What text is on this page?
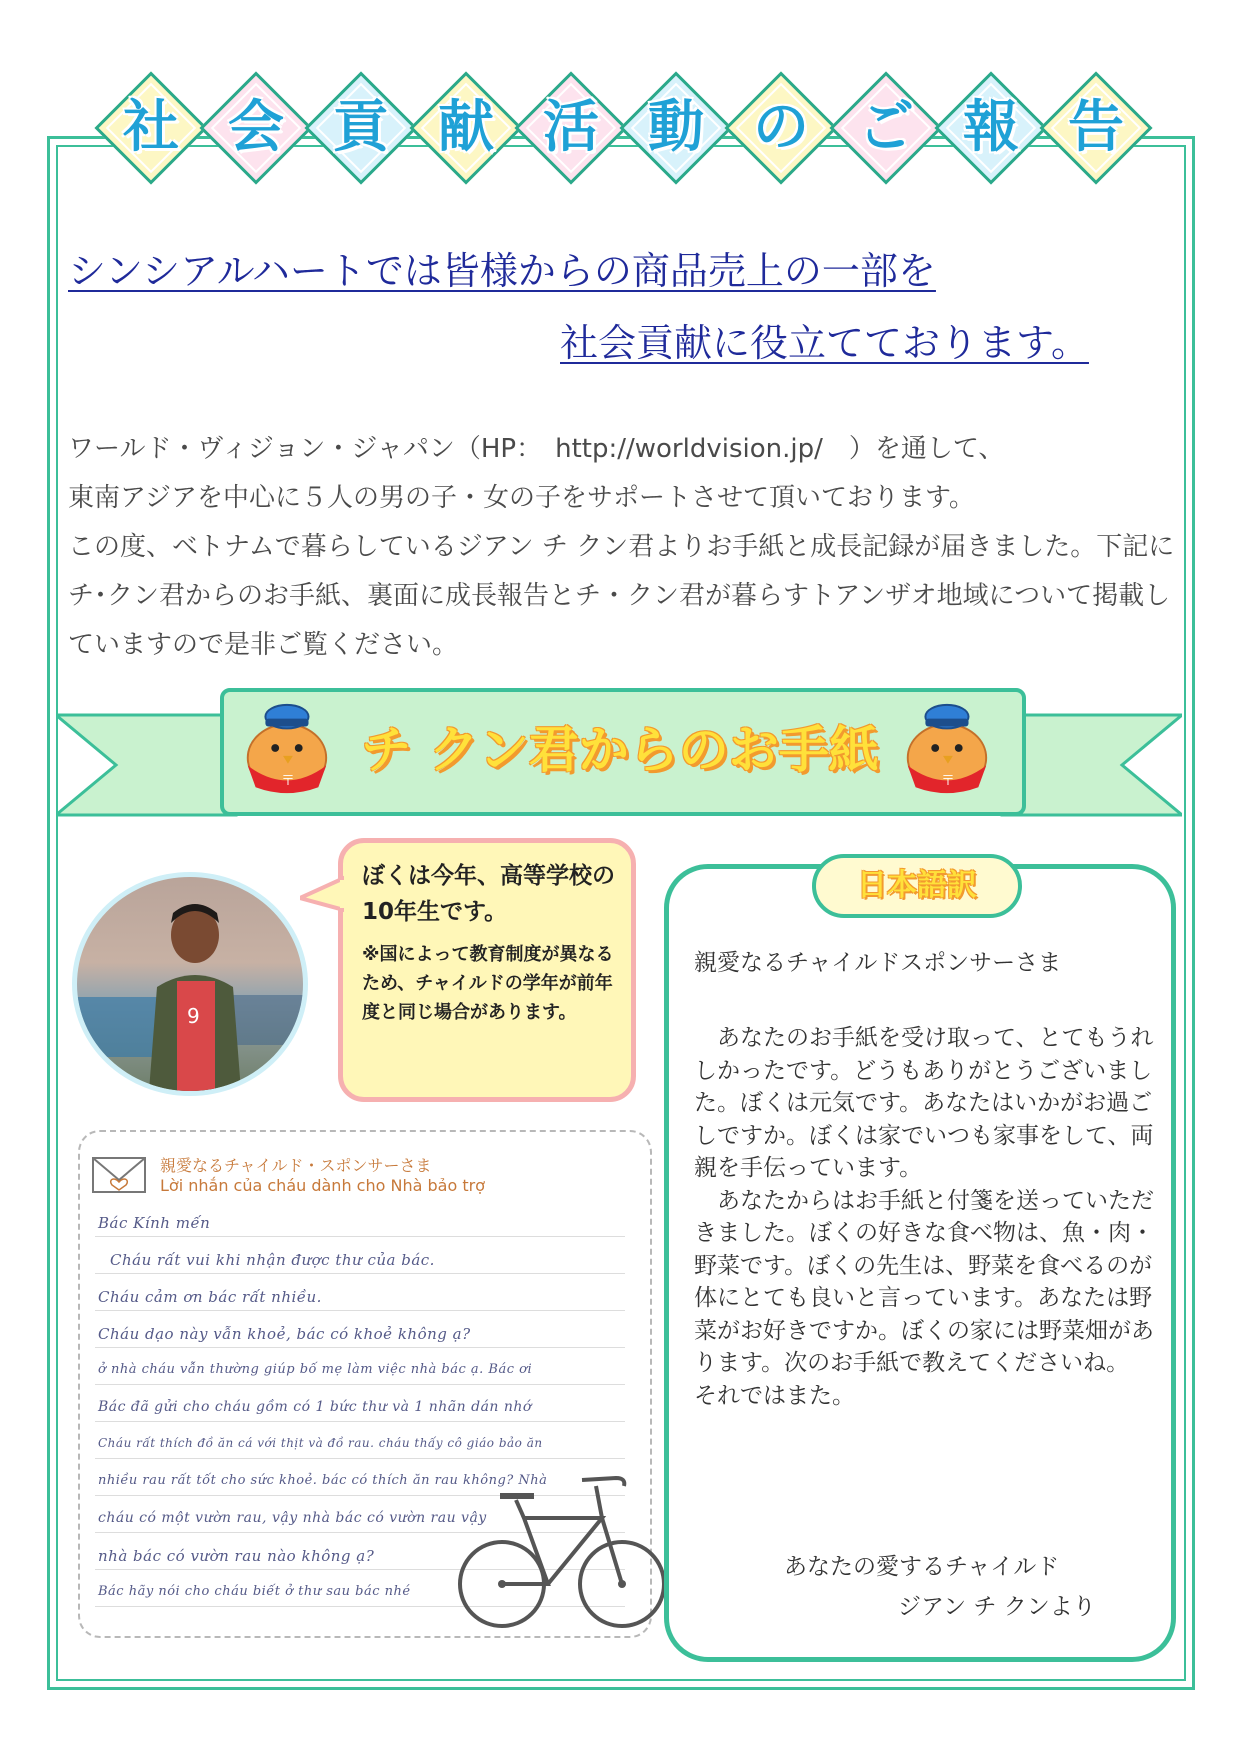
社 会 貢 献 活 動 の ご 報 告
シンシアルハートでは皆様からの商品売上の一部を
社会貢献に役立てております。

ワールド・ヴィジョン・ジャパン（HP：　http://worldvision.jp/　）を通して、

東南アジアを中心に５人の男の子・女の子をサポートさせて頂いております。

この度、ベトナムで暮らしているジアン チ クン君よりお手紙と成長記録が届きました。下記にチ･クン君からのお手紙、裏面に成長報告とチ・クン君が暮らすトアンザオ地域について掲載していますので是非ご覧ください。

チ クン君からのお手紙
〒	〒
9
ぼくは今年、高等学校の10年生です。
※国によって教育制度が異なるため、チャイルドの学年が前年度と同じ場合があります。
親愛なるチャイルド・スポンサーさま
Lời nhắn của cháu dành cho Nhà bảo trợ
Bác Kính mến
Cháu rất vui khi nhận được thư của bác.
Cháu cảm ơn bác rất nhiều.
Cháu dạo này vẫn khoẻ, bác có khoẻ không ạ?
ở nhà cháu vẫn thường giúp bố mẹ làm việc nhà bác ạ. Bác ơi
Bác đã gửi cho cháu gồm có 1 bức thư và 1 nhãn dán nhớ
Cháu rất thích đồ ăn cá với thịt và đồ rau. cháu thấy cô giáo bảo ăn
nhiều rau rất tốt cho sức khoẻ. bác có thích ăn rau không? Nhà
cháu có một vườn rau, vậy nhà bác có vườn rau vậy
nhà bác có vườn rau nào không ạ?
Bác hãy nói cho cháu biết ở thư sau bác nhé
日本語訳
親愛なるチャイルドスポンサーさま

あなたのお手紙を受け取って、とてもうれしかったです。どうもありがとうございました。ぼくは元気です。あなたはいかがお過ごしですか。ぼくは家でいつも家事をして、両親を手伝っています。

あなたからはお手紙と付箋を送っていただきました。ぼくの好きな食べ物は、魚・肉・野菜です。ぼくの先生は、野菜を食べるのが体にとても良いと言っています。あなたは野菜がお好きですか。ぼくの家には野菜畑があります。次のお手紙で教えてくださいね。

それではまた。

あなたの愛するチャイルド
ジアン チ クンより
